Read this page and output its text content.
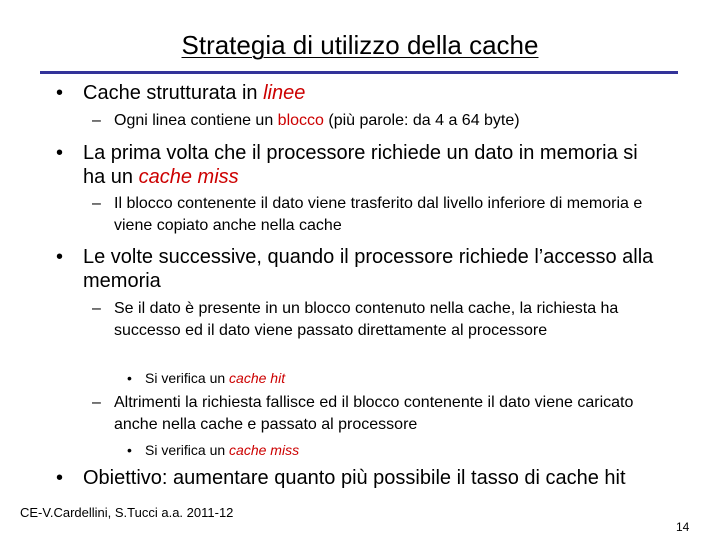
Strategia di utilizzo della cache
• Cache strutturata in linee

– Ogni linea contiene un blocco (più parole: da 4 a 64 byte)

• La prima volta che il processore richiede un dato in memoria si ha un cache miss

– Il blocco contenente il dato viene trasferito dal livello inferiore di memoria e viene copiato anche nella cache

• Le volte successive, quando il processore richiede l’accesso alla memoria

– Se il dato è presente in un blocco contenuto nella cache, la richiesta ha successo ed il dato viene passato direttamente al processore

• Si verifica un cache hit

– Altrimenti la richiesta fallisce ed il blocco contenente il dato viene caricato anche nella cache e passato al processore

• Si verifica un cache miss

• Obiettivo: aumentare quanto più possibile il tasso di cache hit

CE-V.Cardellini, S.Tucci a.a. 2011-12
14
